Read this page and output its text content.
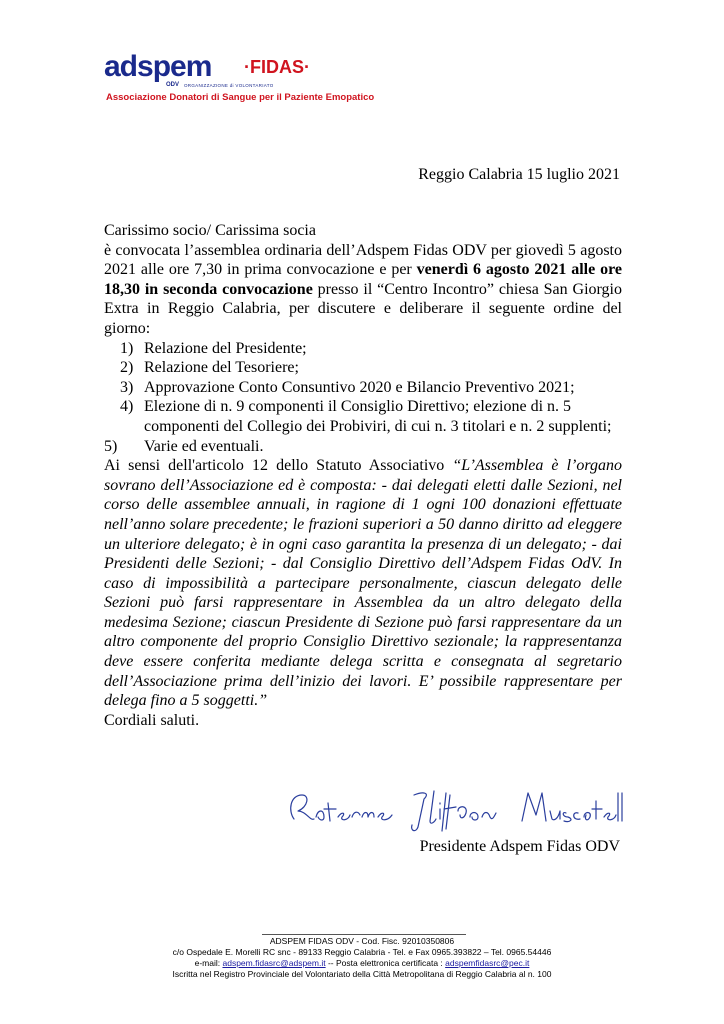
adspem ·FIDAS·
ODV ORGANIZZAZIONE di VOLONTARIATO
Associazione Donatori di Sangue per il Paziente Emopatico
Reggio Calabria 15 luglio 2021

Carissimo socio/ Carissima socia

è convocata l’assemblea ordinaria dell’Adspem Fidas ODV per giovedì 5 agosto 2021 alle ore 7,30 in prima convocazione e per venerdì 6 agosto 2021 alle ore 18,30 in seconda convocazione presso il “Centro Incontro” chiesa San Giorgio Extra in Reggio Calabria, per discutere e deliberare il seguente ordine del giorno:

1) Relazione del Presidente;
2) Relazione del Tesoriere;
3) Approvazione Conto Consuntivo 2020 e Bilancio Preventivo 2021;
4) Elezione di n. 9 componenti il Consiglio Direttivo; elezione di n. 5 componenti del Collegio dei Probiviri, di cui n. 3 titolari e n. 2 supplenti;
5) Varie ed eventuali.

Ai sensi dell'articolo 12 dello Statuto Associativo “L’Assemblea è l’organo sovrano dell’Associazione ed è composta: - dai delegati eletti dalle Sezioni, nel corso delle assemblee annuali, in ragione di 1 ogni 100 donazioni effettuate nell’anno solare precedente; le frazioni superiori a 50 danno diritto ad eleggere un ulteriore delegato; è in ogni caso garantita la presenza di un delegato; - dai Presidenti delle Sezioni; - dal Consiglio Direttivo dell’Adspem Fidas OdV. In caso di impossibilità a partecipare personalmente, ciascun delegato delle Sezioni può farsi rappresentare in Assemblea da un altro delegato della medesima Sezione; ciascun Presidente di Sezione può farsi rappresentare da un altro componente del proprio Consiglio Direttivo sezionale; la rappresentanza deve essere conferita mediante delega scritta e consegnata al segretario dell’Associazione prima dell’inizio dei lavori. E’ possibile rappresentare per delega fino a 5 soggetti.”

Cordiali saluti.

Presidente Adspem Fidas ODV
ADSPEM FIDAS ODV - Cod. Fisc. 92010350806
c/o Ospedale E. Morelli RC snc - 89133 Reggio Calabria - Tel. e Fax 0965.393822 – Tel. 0965.54446
e-mail: adspem.fidasrc@adspem.it -- Posta elettronica certificata : adspemfidasrc@pec.it
Iscritta nel Registro Provinciale del Volontariato della Città Metropolitana di Reggio Calabria al n. 100
